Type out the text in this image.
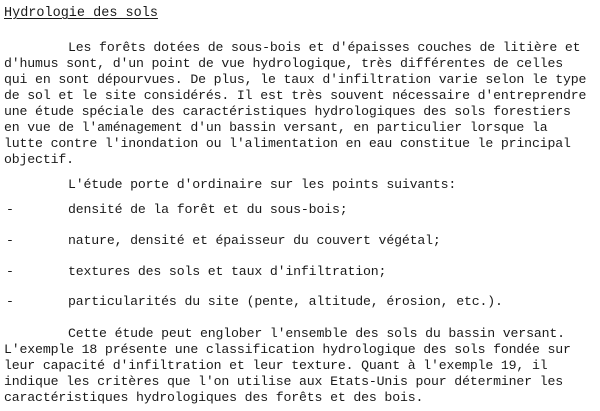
Hydrologie des sols
Les forêts dotées de sous-bois et d'épaisses couches de litière et
d'humus sont, d'un point de vue hydrologique, très différentes de celles
qui en sont dépourvues. De plus, le taux d'infiltration varie selon le type
de sol et le site considérés. Il est très souvent nécessaire d'entreprendre
une étude spéciale des caractéristiques hydrologiques des sols forestiers
en vue de l'aménagement d'un bassin versant, en particulier lorsque la
lutte contre l'inondation ou l'alimentation en eau constitue le principal
objectif.
L'étude porte d'ordinaire sur les points suivants:
-	densité de la forêt et du sous-bois;
-	nature, densité et épaisseur du couvert végétal;
-	textures des sols et taux d'infiltration;
-	particularités du site (pente, altitude, érosion, etc.).
Cette étude peut englober l'ensemble des sols du bassin versant.
L'exemple 18 présente une classification hydrologique des sols fondée sur
leur capacité d'infiltration et leur texture. Quant à l'exemple 19, il
indique les critères que l'on utilise aux Etats-Unis pour déterminer les
caractéristiques hydrologiques des forêts et des bois.
